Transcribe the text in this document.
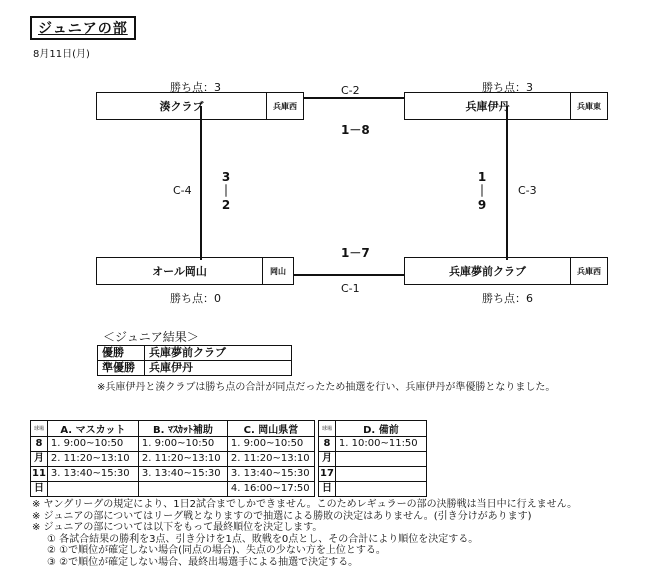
ジュニアの部
8月11日(月)
勝ち点：3
湊クラブ	兵庫西
勝ち点：3
兵庫伊丹	兵庫東
オール岡山	岡山
勝ち点：0
兵庫夢前クラブ	兵庫西
勝ち点：6
C-2
1－8
1－7
C-1
C-4
3
｜
2
1
｜
9
C-3
＜ジュニア結果＞
優勝	兵庫夢前クラブ
準優勝	兵庫伊丹
※兵庫伊丹と湊クラブは勝ち点の合計が同点だったため抽選を行い、兵庫伊丹が準優勝となりました。
球場	A. マスカット	B. ﾏｽｶｯﾄ補助	C. 岡山県営
8	1. 9:00~10:50	1. 9:00~10:50	1. 9:00~10:50
月	2. 11:20~13:10	2. 11:20~13:10	2. 11:20~13:10
11	3. 13:40~15:30	3. 13:40~15:30	3. 13:40~15:30
日			4. 16:00~17:50
球場	D. 備前
8	1. 10:00~11:50
月	
17	
日	
※ ヤングリーグの規定により、1日2試合までしかできません。このためレギュラーの部の決勝戦は当日中に行えません。
※ ジュニアの部についてはリーグ戦となりますので抽選による勝敗の決定はありません。(引き分けがあります)
※ ジュニアの部については以下をもって最終順位を決定します。
① 各試合結果の勝利を3点、引き分けを1点、敗戦を0点とし、その合計により順位を決定する。
② ①で順位が確定しない場合(同点の場合)、失点の少ない方を上位とする。
③ ②で順位が確定しない場合、最終出場選手による抽選で決定する。
